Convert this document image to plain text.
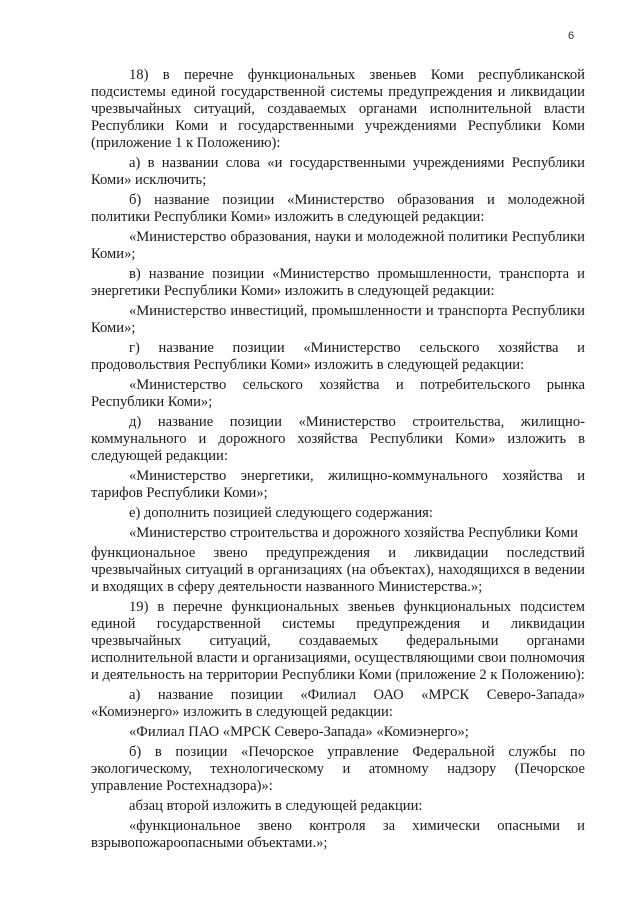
6

18) в перечне функциональных звеньев Коми республиканской подсистемы единой государственной системы предупреждения и ликвидации чрезвычайных ситуаций, создаваемых органами исполнительной власти Республики Коми и государственными учреждениями Республики Коми (приложение 1 к Положению):

а) в названии слова «и государственными учреждениями Республики Коми» исключить;

б) название позиции «Министерство образования и молодежной политики Республики Коми» изложить в следующей редакции:

«Министерство образования, науки и молодежной политики Республики Коми»;

в) название позиции «Министерство промышленности, транспорта и энергетики Республики Коми» изложить в следующей редакции:

«Министерство инвестиций, промышленности и транспорта Республики Коми»;

г) название позиции «Министерство сельского хозяйства и продовольствия Республики Коми» изложить в следующей редакции:

«Министерство сельского хозяйства и потребительского рынка Республики Коми»;

д) название позиции «Министерство строительства, жилищно-коммунального и дорожного хозяйства Республики Коми» изложить в следующей редакции:

«Министерство энергетики, жилищно-коммунального хозяйства и тарифов Республики Коми»;

е) дополнить позицией следующего содержания:

«Министерство строительства и дорожного хозяйства Республики Коми

функциональное звено предупреждения и ликвидации последствий чрезвычайных ситуаций в организациях (на объектах), находящихся в ведении и входящих в сферу деятельности названного Министерства.»;

19) в перечне функциональных звеньев функциональных подсистем единой государственной системы предупреждения и ликвидации чрезвычайных ситуаций, создаваемых федеральными органами исполнительной власти и организациями, осуществляющими свои полномочия и деятельность на территории Республики Коми (приложение 2 к Положению):

а) название позиции «Филиал ОАО «МРСК Северо-Запада» «Комиэнерго» изложить в следующей редакции:

«Филиал ПАО «МРСК Северо-Запада» «Комиэнерго»;

б) в позиции «Печорское управление Федеральной службы по экологическому, технологическому и атомному надзору (Печорское управление Ростехнадзора)»:

абзац второй изложить в следующей редакции:

«функциональное звено контроля за химически опасными и взрывопожароопасными объектами.»;
